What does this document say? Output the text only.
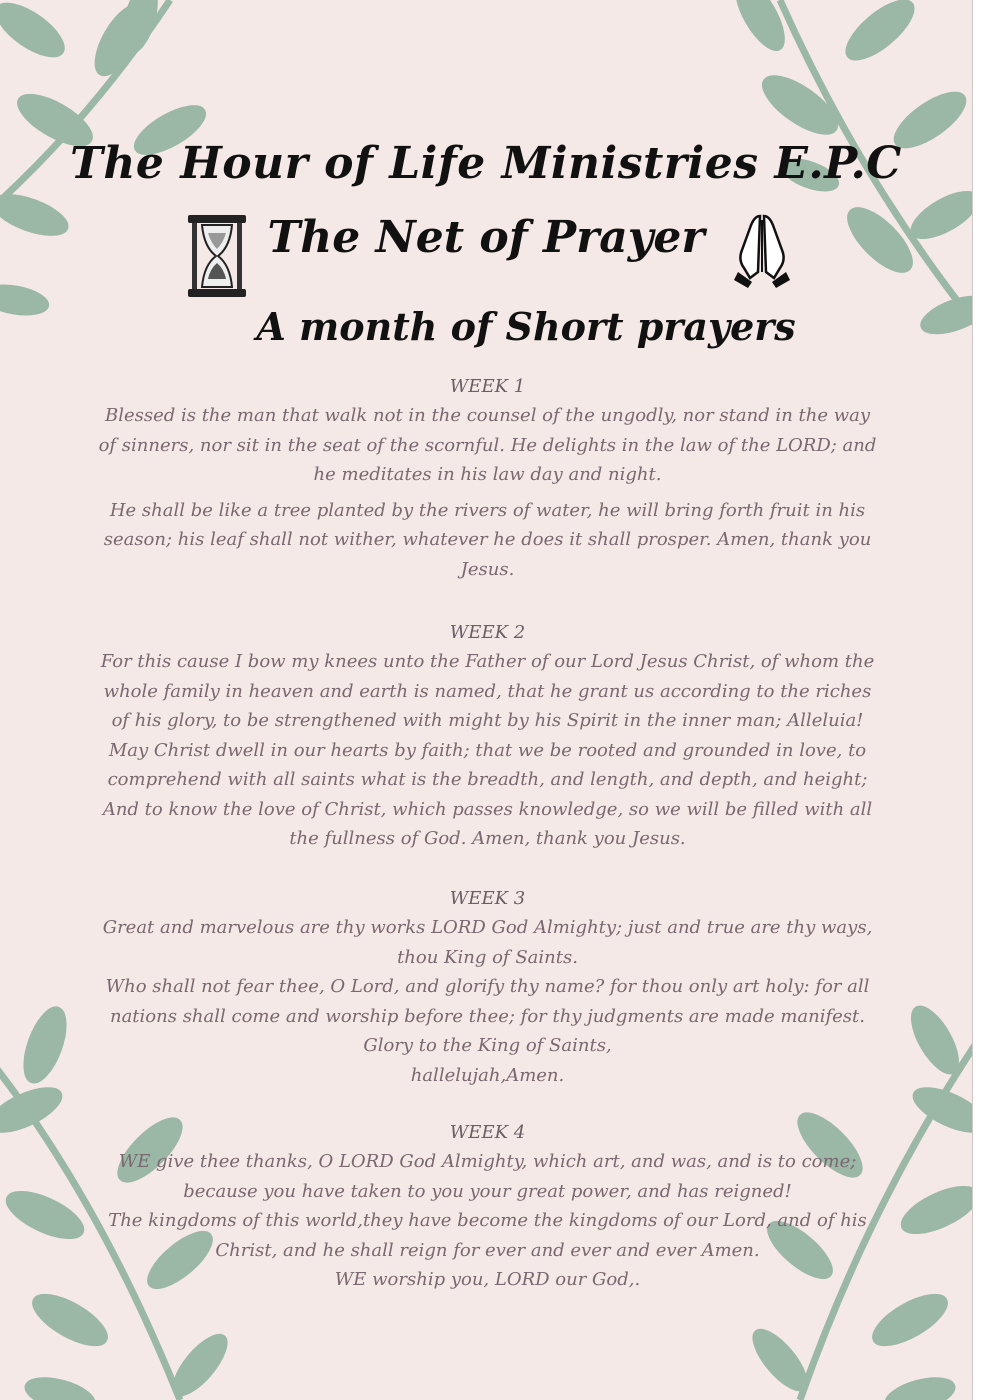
The Hour of Life Ministries E.P.C
The Net of Prayer
A month of Short prayers

WEEK 1

Blessed is the man that walk not in the counsel of the ungodly, nor stand in the way of sinners, nor sit in the seat of the scornful. He delights in the law of the LORD; and he meditates in his law day and night.

He shall be like a tree planted by the rivers of water, he will bring forth fruit in his season; his leaf shall not wither, whatever he does it shall prosper. Amen, thank you Jesus.

WEEK 2

For this cause I bow my knees unto the Father of our Lord Jesus Christ, of whom the whole family in heaven and earth is named, that he grant us according to the riches of his glory, to be strengthened with might by his Spirit in the inner man; Alleluia! May Christ dwell in our hearts by faith; that we be rooted and grounded in love, to comprehend with all saints what is the breadth, and length, and depth, and height; And to know the love of Christ, which passes knowledge, so we will be filled with all the fullness of God. Amen, thank you Jesus.

WEEK 3

Great and marvelous are thy works LORD God Almighty; just and true are thy ways, thou King of Saints.

Who shall not fear thee, O Lord, and glorify thy name? for thou only art holy: for all nations shall come and worship before thee; for thy judgments are made manifest.

Glory to the King of Saints,

hallelujah,Amen.

WEEK 4

WE give thee thanks, O LORD God Almighty, which art, and was, and is to come; because you have taken to you your great power, and has reigned!

The kingdoms of this world,they have become the kingdoms of our Lord, and of his Christ, and he shall reign for ever and ever and ever Amen.

WE worship you, LORD our God,.
